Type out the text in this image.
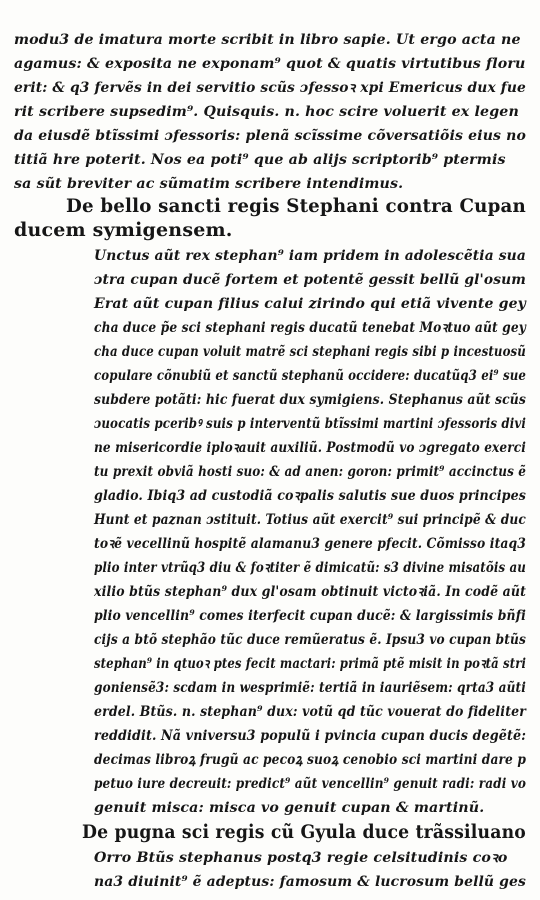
modu3 de imatura morte scribit in libro sapie. Ut ergo acta ne
agamus: & exposita ne exponam⁹ quot & quatis virtutibus floru
erit: & q3 fervẽs in dei servitio scũs ɔfessoꝛ xpi Emericus dux fue
rit scribere supsedim⁹. Quisquis. n. hoc scire voluerit ex legen
da eiusdẽ btĩssimi ɔfessoris: plenã scĩssime cõversatiõis eius no
titiã hre poterit. Nos ea poti⁹ que ab alijs scriptorib⁹ ptermis
sa sũt breviter ac sũmatim scribere intendimus.
De bello sancti regis Stephani contra Cupan
ducem symigensem.
Unctus aũt rex stephan⁹ iam pridem in adolescẽtia sua
ɔtra cupan ducẽ fortem et potentẽ gessit bellũ gl'osum
Erat aũt cupan filius calui zirindo qui etiã vivente gey
cha duce p̃e sci stephani regis ducatũ tenebat Moꝛtuo aũt gey
cha duce cupan voluit matrẽ sci stephani regis sibi p incestuosũ
copulare cõnubiũ et sanctũ stephanũ occidere: ducatũq3 ei⁹ sue
subdere potãti: hic fuerat dux symigiens. Stephanus aũt scũs
ɔuocatis pceribꝰ suis p interventũ btĩssimi martini ɔfessoris divi
ne misericordie iploꝛauit auxiliũ. Postmodũ vo ɔgregato exerci
tu prexit obviã hosti suo: & ad anen: goron: primit⁹ accinctus ẽ
gladio. Ibiq3 ad custodiã coꝛpalis salutis sue duos principes
Hunt et paznan ɔstituit. Totius aũt exercit⁹ sui principẽ & duc
toꝛẽ vecellinũ hospitẽ alamanu3 genere pfecit. Cõmisso itaq3
plio inter vtrũq3 diu & foꝛtiter ẽ dimicatũ: s3 divine misatõis au
xilio btũs stephan⁹ dux gl'osam obtinuit victoꝛiã. In codẽ aũt
plio vencellin⁹ comes iterfecit cupan ducẽ: & largissimis bñfi
cijs a btõ stephão tũc duce remũeratus ẽ. Ipsu3 vo cupan btũs
stephan⁹ in qtuoꝛ ptes fecit mactari: primã ptẽ misit in poꝛtã stri
goniensẽ3: scdam in wesprimiẽ: tertiã in iauriẽsem: qrta3 aũti
erdel. Btũs. n. stephan⁹ dux: votũ qd tũc vouerat do fideliter
reddidit. Nã vniversu3 populũ i pvincia cupan ducis degẽtẽ:
decimas libroꝝ frugũ ac pecoꝝ suoꝝ cenobio sci martini dare p
petuo iure decreuit: predict⁹ aũt vencellin⁹ genuit radi: radi vo
genuit misca: misca vo genuit cupan & martinũ.
De pugna sci regis cũ Gyula duce trãssiluano
Orro Btũs stephanus postq3 regie celsitudinis coꝛo
na3 diuinit⁹ ẽ adeptus: famosum & lucrosum bellũ ges
